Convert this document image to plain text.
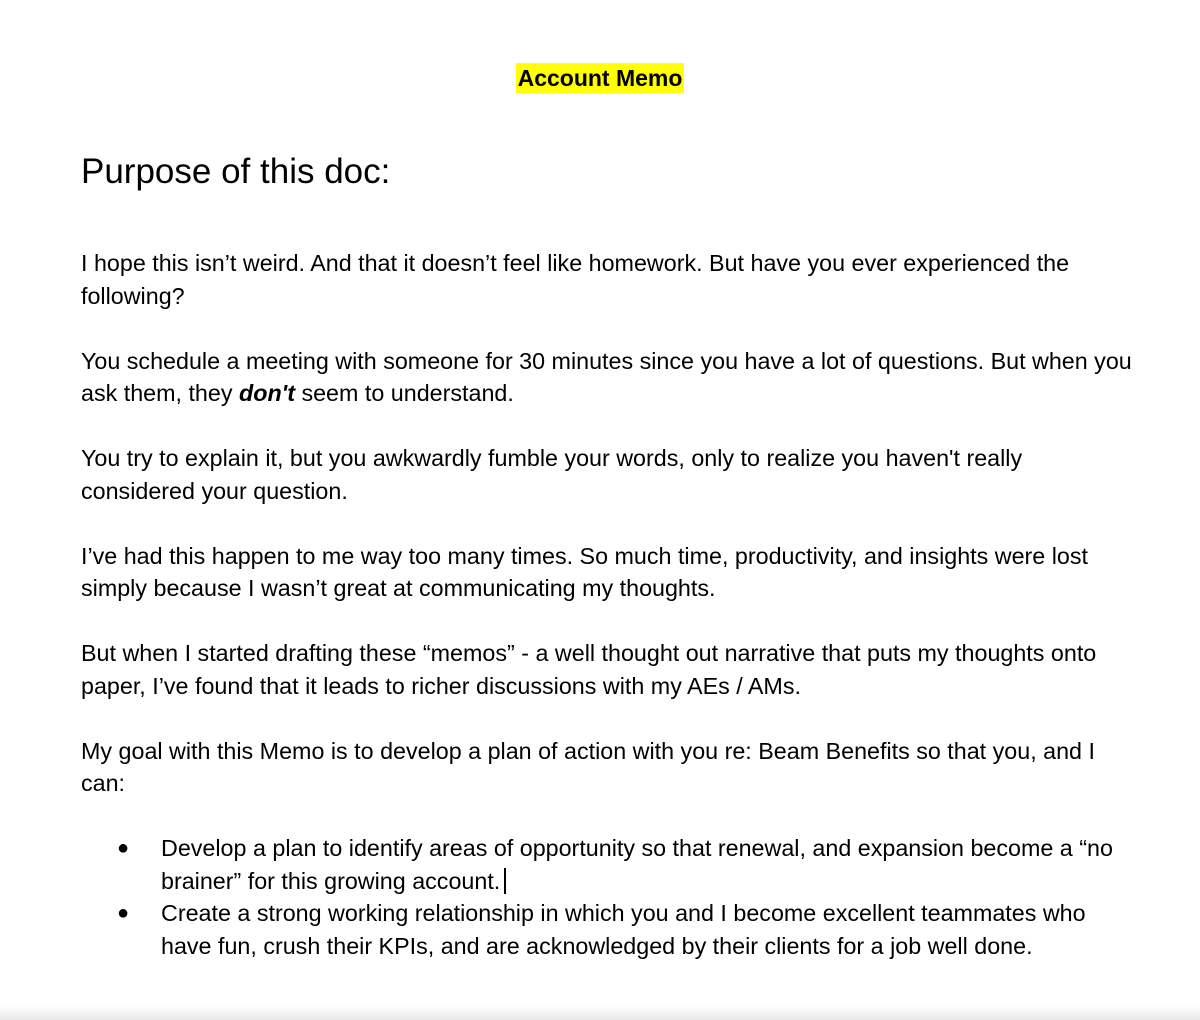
Account Memo
Purpose of this doc:

I hope this isn’t weird. And that it doesn’t feel like homework. But have you ever experienced the following?

You schedule a meeting with someone for 30 minutes since you have a lot of questions. But when you ask them, they don't seem to understand.

You try to explain it, but you awkwardly fumble your words, only to realize you haven't really considered your question.

I’ve had this happen to me way too many times. So much time, productivity, and insights were lost simply because I wasn’t great at communicating my thoughts.

But when I started drafting these “memos” - a well thought out narrative that puts my thoughts onto paper, I’ve found that it leads to richer discussions with my AEs / AMs.

My goal with this Memo is to develop a plan of action with you re: Beam Benefits so that you, and I can:

● Develop a plan to identify areas of opportunity so that renewal, and expansion become a “no brainer” for this growing account.
● Create a strong working relationship in which you and I become excellent teammates who have fun, crush their KPIs, and are acknowledged by their clients for a job well done.
